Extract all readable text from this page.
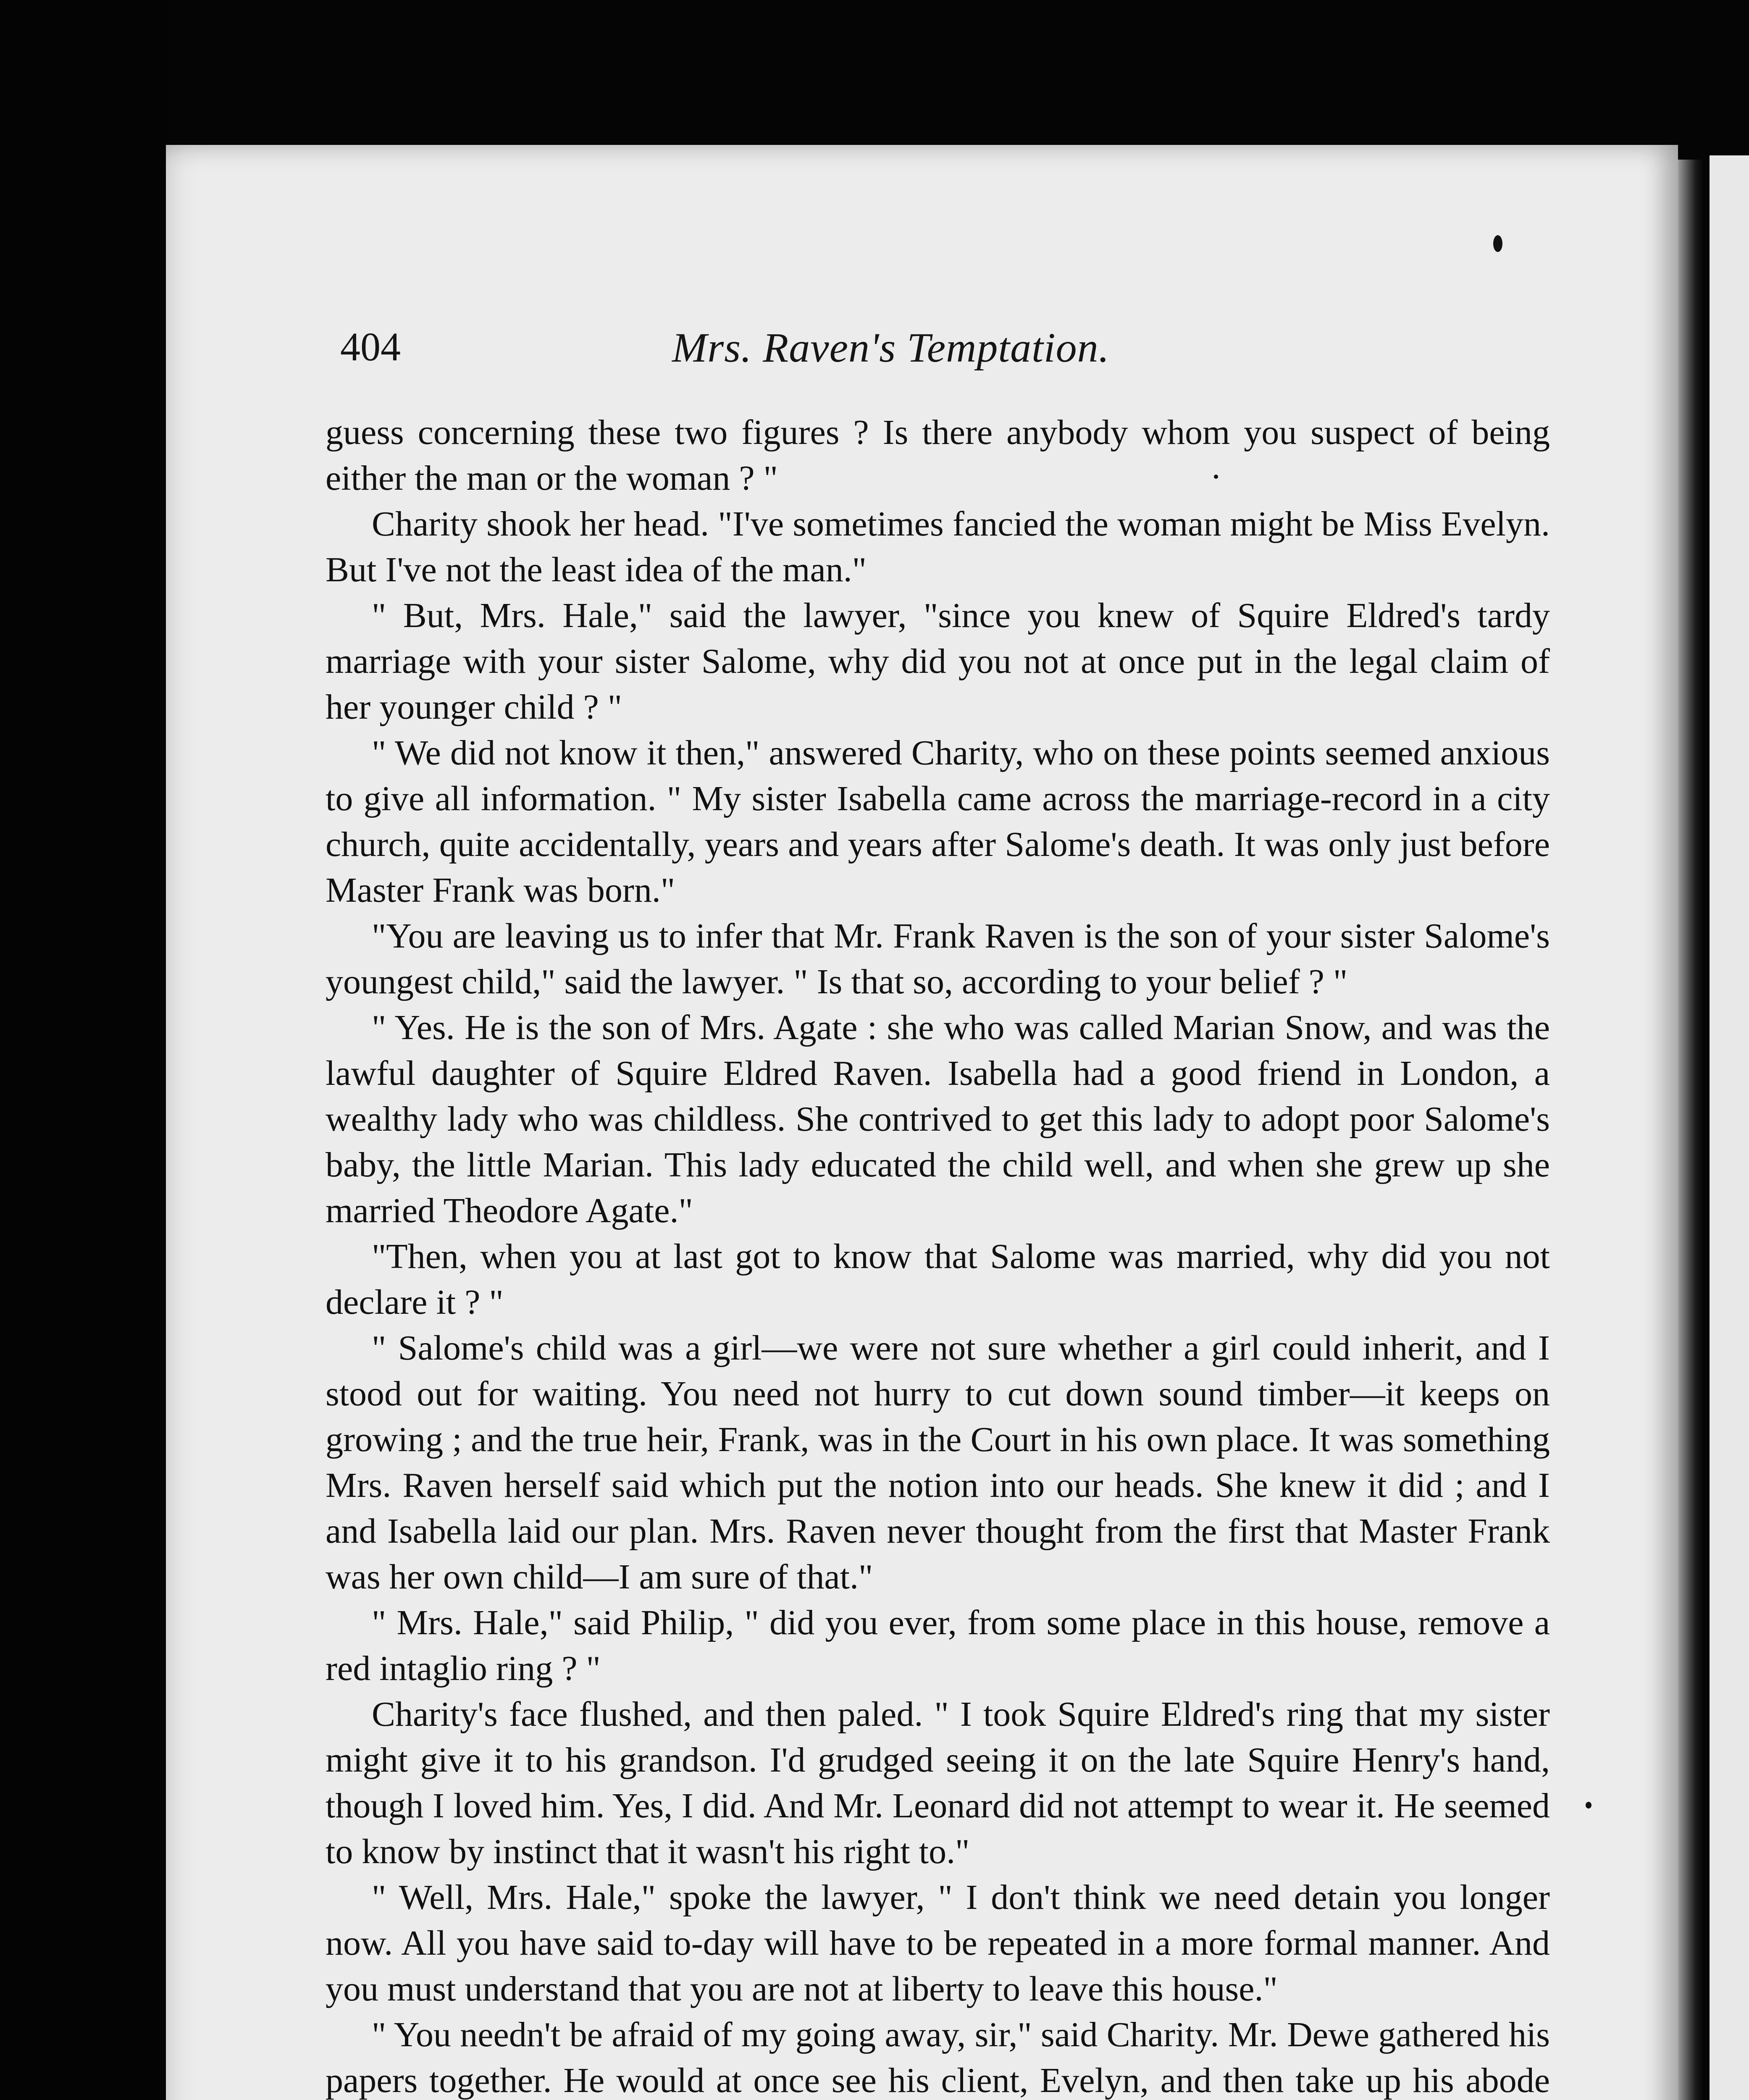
404	Mrs. Raven's Temptation.

guess concerning these two figures ? Is there anybody whom you suspect of being either the man or the woman ? "

Charity shook her head. "I've sometimes fancied the woman might be Miss Evelyn. But I've not the least idea of the man."

" But, Mrs. Hale," said the lawyer, "since you knew of Squire Eldred's tardy marriage with your sister Salome, why did you not at once put in the legal claim of her younger child ? "

" We did not know it then," answered Charity, who on these points seemed anxious to give all information. " My sister Isabella came across the marriage-record in a city church, quite accidentally, years and years after Salome's death. It was only just before Master Frank was born."

"You are leaving us to infer that Mr. Frank Raven is the son of your sister Salome's youngest child," said the lawyer. " Is that so, according to your belief ? "

" Yes. He is the son of Mrs. Agate : she who was called Marian Snow, and was the lawful daughter of Squire Eldred Raven. Isabella had a good friend in London, a wealthy lady who was childless. She contrived to get this lady to adopt poor Salome's baby, the little Marian. This lady educated the child well, and when she grew up she married Theodore Agate."

"Then, when you at last got to know that Salome was married, why did you not declare it ? "

" Salome's child was a girl—we were not sure whether a girl could inherit, and I stood out for waiting. You need not hurry to cut down sound timber—it keeps on growing ; and the true heir, Frank, was in the Court in his own place. It was something Mrs. Raven herself said which put the notion into our heads. She knew it did ; and I and Isabella laid our plan. Mrs. Raven never thought from the first that Master Frank was her own child—I am sure of that."

" Mrs. Hale," said Philip, " did you ever, from some place in this house, remove a red intaglio ring ? "

Charity's face flushed, and then paled. " I took Squire Eldred's ring that my sister might give it to his grandson. I'd grudged seeing it on the late Squire Henry's hand, though I loved him. Yes, I did. And Mr. Leonard did not attempt to wear it. He seemed to know by instinct that it wasn't his right to."

" Well, Mrs. Hale," spoke the lawyer, " I don't think we need detain you longer now. All you have said to-day will have to be repeated in a more formal manner. And you must understand that you are not at liberty to leave this house."

" You needn't be afraid of my going away, sir," said Charity. Mr. Dewe gathered his papers together. He would at once see his client, Evelyn, and then take up his abode
